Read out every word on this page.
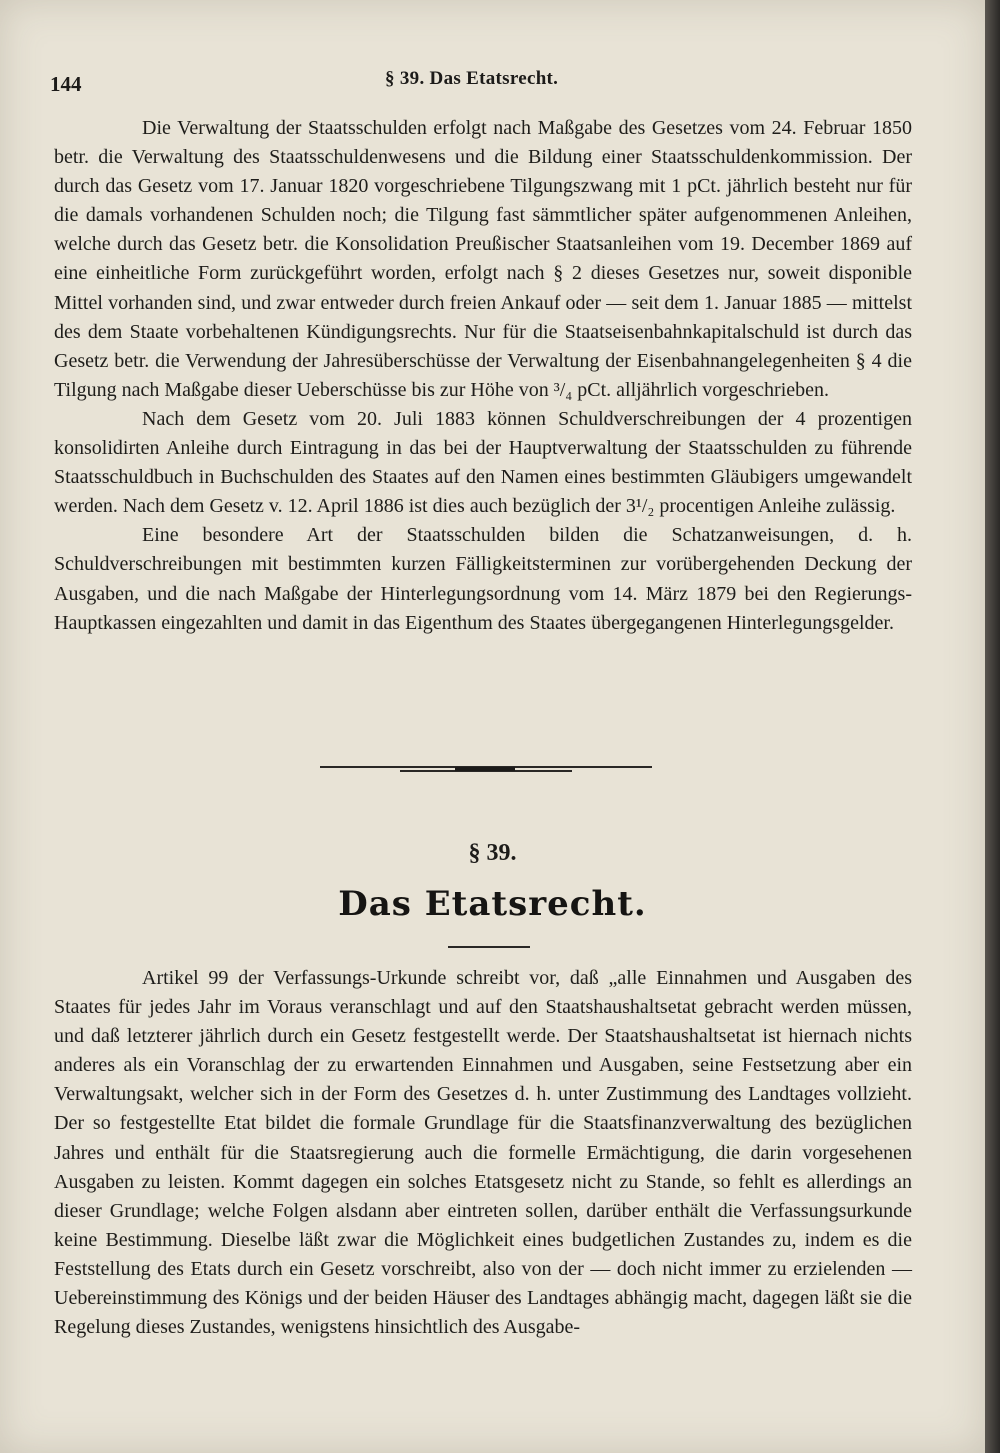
144	§ 39. Das Etatsrecht.

Die Verwaltung der Staatsschulden erfolgt nach Maßgabe des Gesetzes vom 24. Februar 1850 betr. die Verwaltung des Staatsschuldenwesens und die Bildung einer Staatsschuldenkommission. Der durch das Gesetz vom 17. Januar 1820 vorgeschriebene Tilgungszwang mit 1 pCt. jährlich besteht nur für die damals vorhandenen Schulden noch; die Tilgung fast sämmtlicher später aufgenommenen Anleihen, welche durch das Gesetz betr. die Konsolidation Preußischer Staatsanleihen vom 19. December 1869 auf eine einheitliche Form zurückgeführt worden, erfolgt nach § 2 dieses Gesetzes nur, soweit disponible Mittel vorhanden sind, und zwar entweder durch freien Ankauf oder — seit dem 1. Januar 1885 — mittelst des dem Staate vorbehaltenen Kündigungsrechts. Nur für die Staatseisenbahnkapitalschuld ist durch das Gesetz betr. die Verwendung der Jahresüberschüsse der Verwaltung der Eisenbahnangelegenheiten § 4 die Tilgung nach Maßgabe dieser Ueberschüsse bis zur Höhe von ³/₄ pCt. alljährlich vorgeschrieben.

Nach dem Gesetz vom 20. Juli 1883 können Schuldverschreibungen der 4 prozentigen konsolidirten Anleihe durch Eintragung in das bei der Hauptverwaltung der Staatsschulden zu führende Staatsschuldbuch in Buchschulden des Staates auf den Namen eines bestimmten Gläubigers umgewandelt werden. Nach dem Gesetz v. 12. April 1886 ist dies auch bezüglich der 3¹/₂ procentigen Anleihe zulässig.

Eine besondere Art der Staatsschulden bilden die Schatzanweisungen, d. h. Schuldverschreibungen mit bestimmten kurzen Fälligkeitsterminen zur vorübergehenden Deckung der Ausgaben, und die nach Maßgabe der Hinterlegungsordnung vom 14. März 1879 bei den Regierungs-Hauptkassen eingezahlten und damit in das Eigenthum des Staates übergegangenen Hinterlegungsgelder.

§ 39.
Das Etatsrecht.

Artikel 99 der Verfassungs-Urkunde schreibt vor, daß „alle Einnahmen und Ausgaben des Staates für jedes Jahr im Voraus veranschlagt und auf den Staatshaushaltsetat gebracht werden müssen, und daß letzterer jährlich durch ein Gesetz festgestellt werde. Der Staatshaushaltsetat ist hiernach nichts anderes als ein Voranschlag der zu erwartenden Einnahmen und Ausgaben, seine Festsetzung aber ein Verwaltungsakt, welcher sich in der Form des Gesetzes d. h. unter Zustimmung des Landtages vollzieht. Der so festgestellte Etat bildet die formale Grundlage für die Staatsfinanzverwaltung des bezüglichen Jahres und enthält für die Staatsregierung auch die formelle Ermächtigung, die darin vorgesehenen Ausgaben zu leisten. Kommt dagegen ein solches Etatsgesetz nicht zu Stande, so fehlt es allerdings an dieser Grundlage; welche Folgen alsdann aber eintreten sollen, darüber enthält die Verfassungsurkunde keine Bestimmung. Dieselbe läßt zwar die Möglichkeit eines budgetlichen Zustandes zu, indem es die Feststellung des Etats durch ein Gesetz vorschreibt, also von der — doch nicht immer zu erzielenden — Uebereinstimmung des Königs und der beiden Häuser des Landtages abhängig macht, dagegen läßt sie die Regelung dieses Zustandes, wenigstens hinsichtlich des Ausgabe-
